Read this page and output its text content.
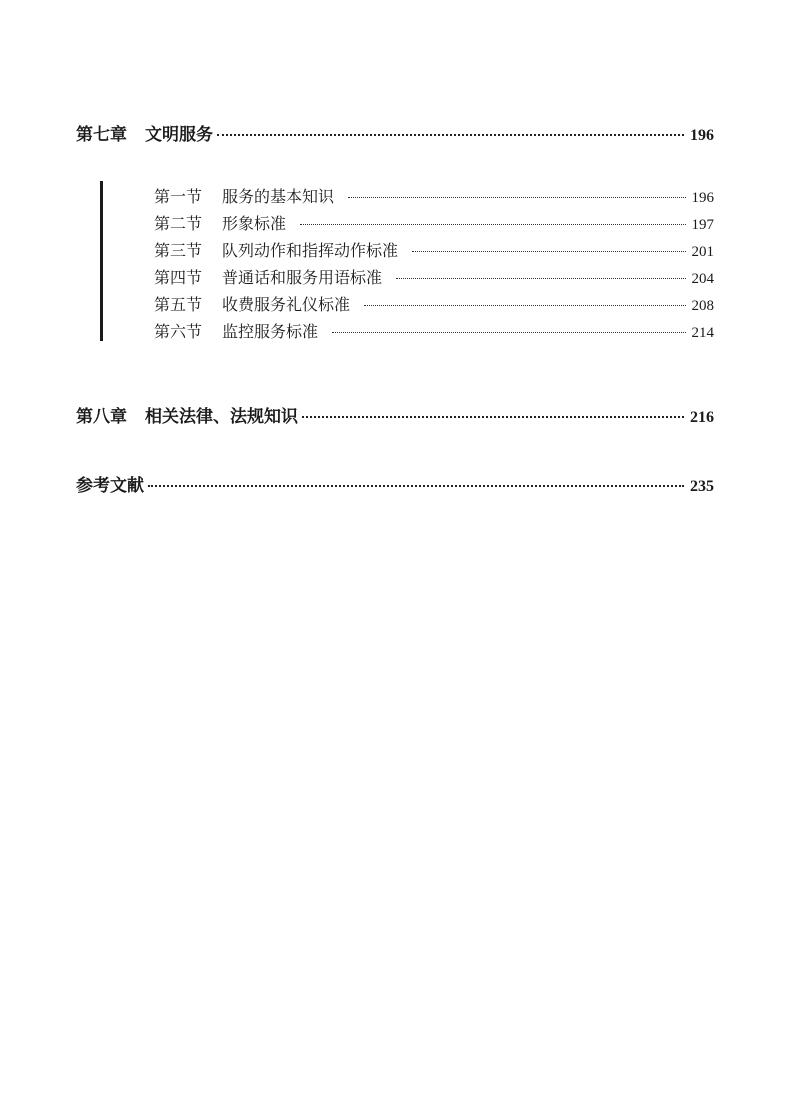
第七章 文明服务	196
第一节 服务的基本知识	196
第二节 形象标准	197
第三节 队列动作和指挥动作标准	201
第四节 普通话和服务用语标准	204
第五节 收费服务礼仪标准	208
第六节 监控服务标准	214
第八章 相关法律、法规知识	216
参考文献	235
